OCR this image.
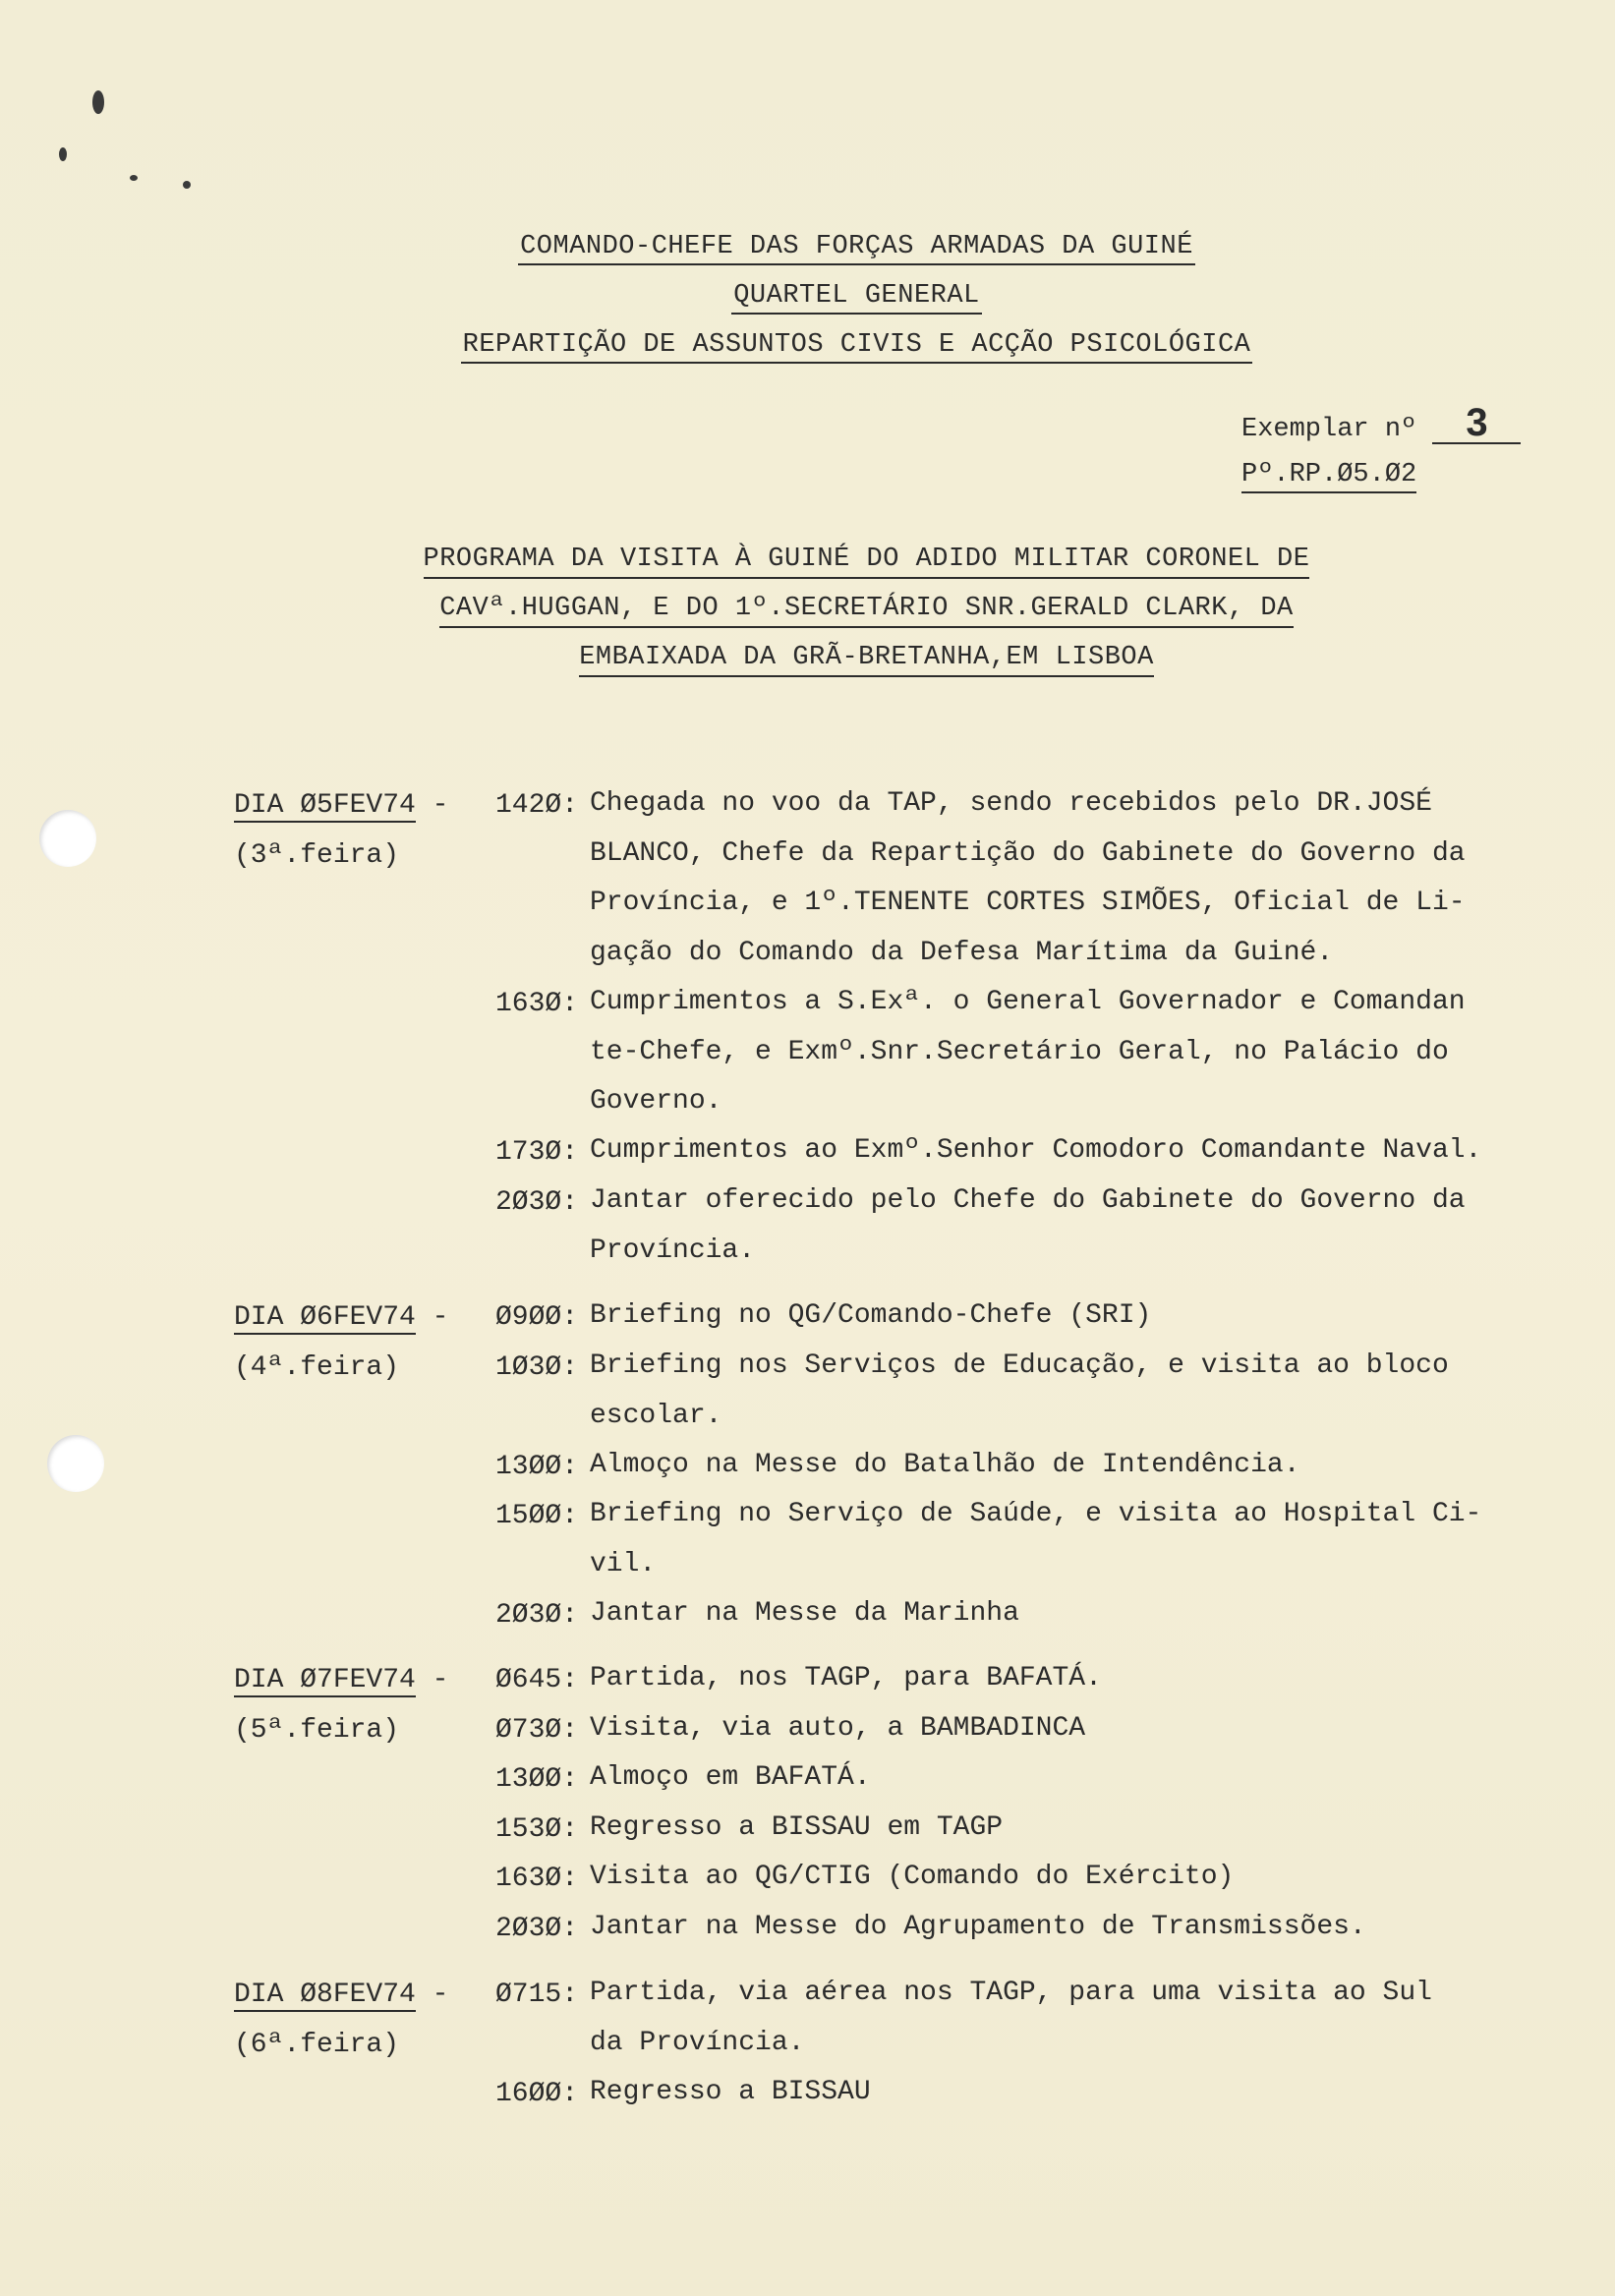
COMANDO-CHEFE DAS FORÇAS ARMADAS DA GUINÉ
QUARTEL GENERAL
REPARTIÇÃO DE ASSUNTOS CIVIS E ACÇÃO PSICOLÓGICA
Exemplar nº 3
Pº.RP.Ø5.Ø2
PROGRAMA DA VISITA À GUINÉ DO ADIDO MILITAR CORONEL DE
CAVª.HUGGAN, E DO 1º.SECRETÁRIO SNR.GERALD CLARK, DA
EMBAIXADA DA GRÃ-BRETANHA,EM LISBOA
DIA Ø5FEV74 -
(3ª.feira)
142Ø: Chegada no voo da TAP, sendo recebidos pelo DR.JOSÉ
BLANCO, Chefe da Repartição do Gabinete do Governo da
Província, e 1º.TENENTE CORTES SIMÕES, Oficial de Li-
gação do Comando da Defesa Marítima da Guiné.
163Ø: Cumprimentos a S.Exª. o General Governador e Comandan
te-Chefe, e Exmº.Snr.Secretário Geral, no Palácio do
Governo.
173Ø: Cumprimentos ao Exmº.Senhor Comodoro Comandante Naval.
2Ø3Ø: Jantar oferecido pelo Chefe do Gabinete do Governo da
Província.
DIA Ø6FEV74 -
(4ª.feira)
Ø9ØØ: Briefing no QG/Comando-Chefe (SRI)
1Ø3Ø: Briefing nos Serviços de Educação, e visita ao bloco
escolar.
13ØØ: Almoço na Messe do Batalhão de Intendência.
15ØØ: Briefing no Serviço de Saúde, e visita ao Hospital Ci-
vil.
2Ø3Ø: Jantar na Messe da Marinha
DIA Ø7FEV74 -
(5ª.feira)
Ø645: Partida, nos TAGP, para BAFATÁ.
Ø73Ø: Visita, via auto, a BAMBADINCA
13ØØ: Almoço em BAFATÁ.
153Ø: Regresso a BISSAU em TAGP
163Ø: Visita ao QG/CTIG (Comando do Exército)
2Ø3Ø: Jantar na Messe do Agrupamento de Transmissões.
DIA Ø8FEV74 -
(6ª.feira)
Ø715: Partida, via aérea nos TAGP, para uma visita ao Sul
da Província.
16ØØ: Regresso a BISSAU
